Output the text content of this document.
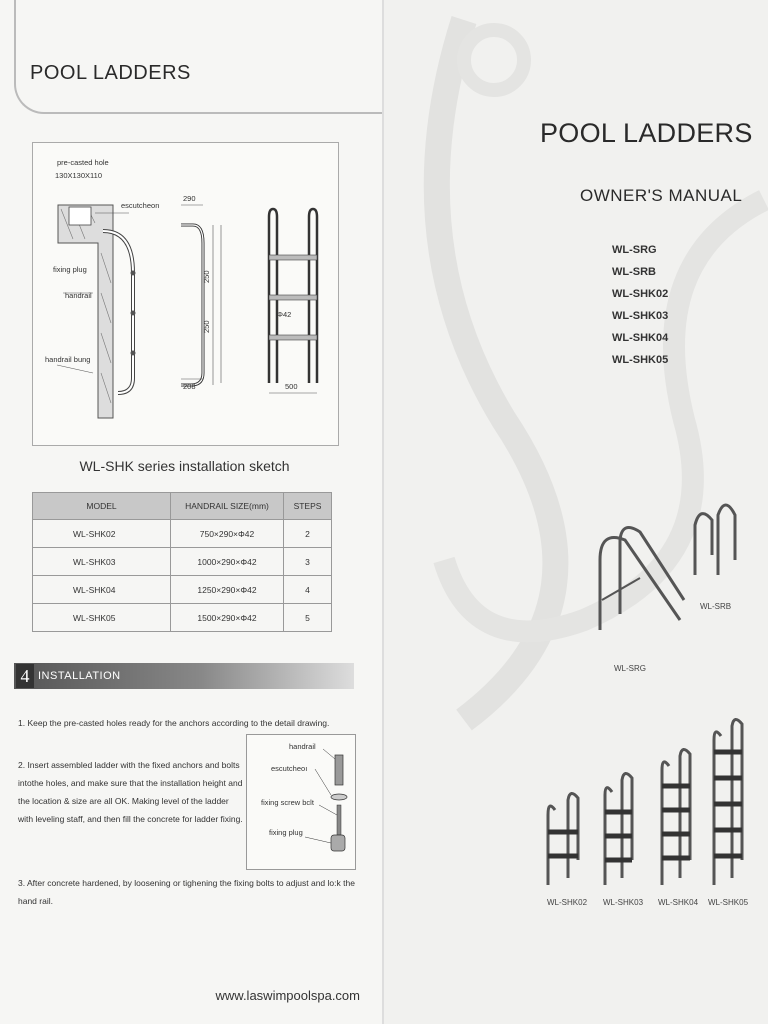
POOL LADDERS
pre-casted hole
130X130X110
escutcheon
fixing plug
handrail
handrail bung
290
250
250
208
Φ42
500
WL-SHK series installation sketch
MODEL	HANDRAIL SIZE(mm)	STEPS
WL-SHK02	750×290×Φ42	2
WL-SHK03	1000×290×Φ42	3
WL-SHK04	1250×290×Φ42	4
WL-SHK05	1500×290×Φ42	5
4 INSTALLATION
1. Keep the pre-casted holes ready for the anchors according to the detail drawing.
2. Insert assembled ladder with the fixed anchors and bolts intothe holes, and make sure that the installation height and the location & size are all OK. Making level of the ladder with leveling staff, and then fill the concrete for ladder fixing.
3. After concrete hardened, by loosening or tighening the fixing bolts to adjust and lo:k the hand rail.
handrail
escutcheoı
fixing screw bclt
fixing plug
www.laswimpoolspa.com
POOL LADDERS
OWNER'S MANUAL
WL-SRGWL-SRB WL-SHK02WL-SHK03 WL-SHK04WL-SHK05
WL-SRG
WL-SRB
WL-SHK02 WL-SHK03 WL-SHK04 WL-SHK05
